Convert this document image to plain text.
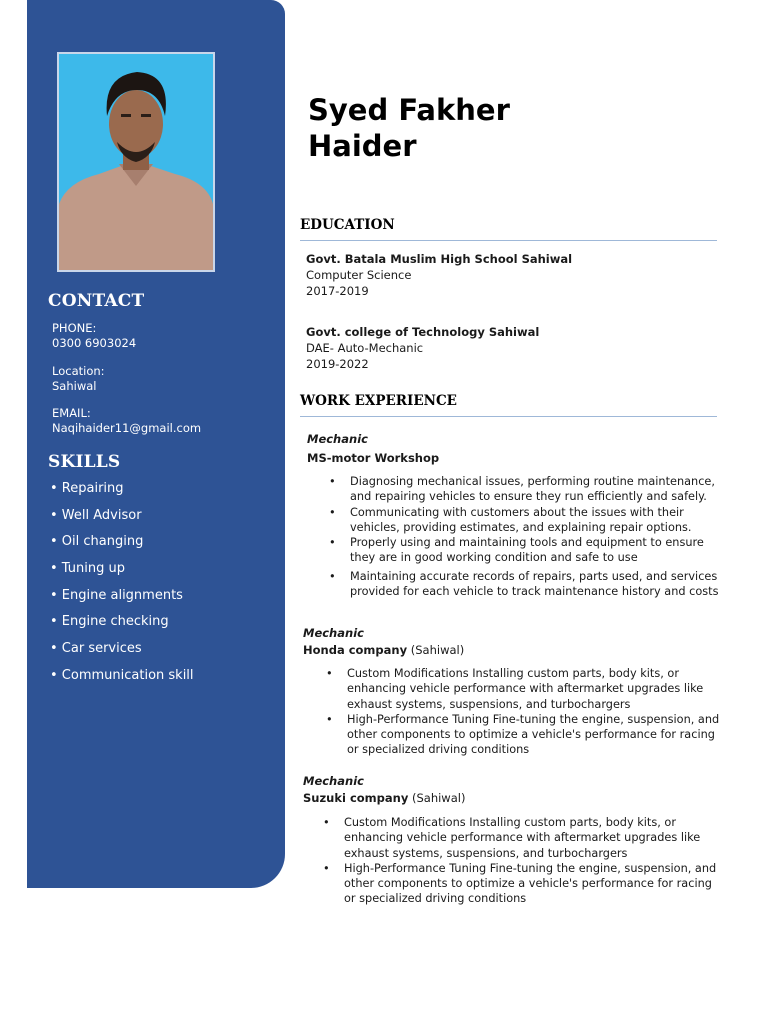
CONTACT
PHONE:
0300 6903024
Location:
Sahiwal
EMAIL:
Naqihaider11@gmail.com
SKILLS
• Repairing
• Well Advisor
• Oil changing
• Tuning up
• Engine alignments
• Engine checking
• Car services
• Communication skill
Syed Fakher
Haider
EDUCATION
Govt. Batala Muslim High School Sahiwal
Computer Science
2017-2019
Govt. college of Technology Sahiwal
DAE- Auto-Mechanic
2019-2022
WORK EXPERIENCE
Mechanic
MS-motor Workshop
• Diagnosing mechanical issues, performing routine maintenance,
and repairing vehicles to ensure they run efficiently and safely.
• Communicating with customers about the issues with their
vehicles, providing estimates, and explaining repair options.
• Properly using and maintaining tools and equipment to ensure
they are in good working condition and safe to use
• Maintaining accurate records of repairs, parts used, and services
provided for each vehicle to track maintenance history and costs
Mechanic
Honda company (Sahiwal)
• Custom Modifications Installing custom parts, body kits, or
enhancing vehicle performance with aftermarket upgrades like
exhaust systems, suspensions, and turbochargers
• High-Performance Tuning Fine-tuning the engine, suspension, and
other components to optimize a vehicle's performance for racing
or specialized driving conditions
Mechanic
Suzuki company (Sahiwal)
• Custom Modifications Installing custom parts, body kits, or
enhancing vehicle performance with aftermarket upgrades like
exhaust systems, suspensions, and turbochargers
• High-Performance Tuning Fine-tuning the engine, suspension, and
other components to optimize a vehicle's performance for racing
or specialized driving conditions
